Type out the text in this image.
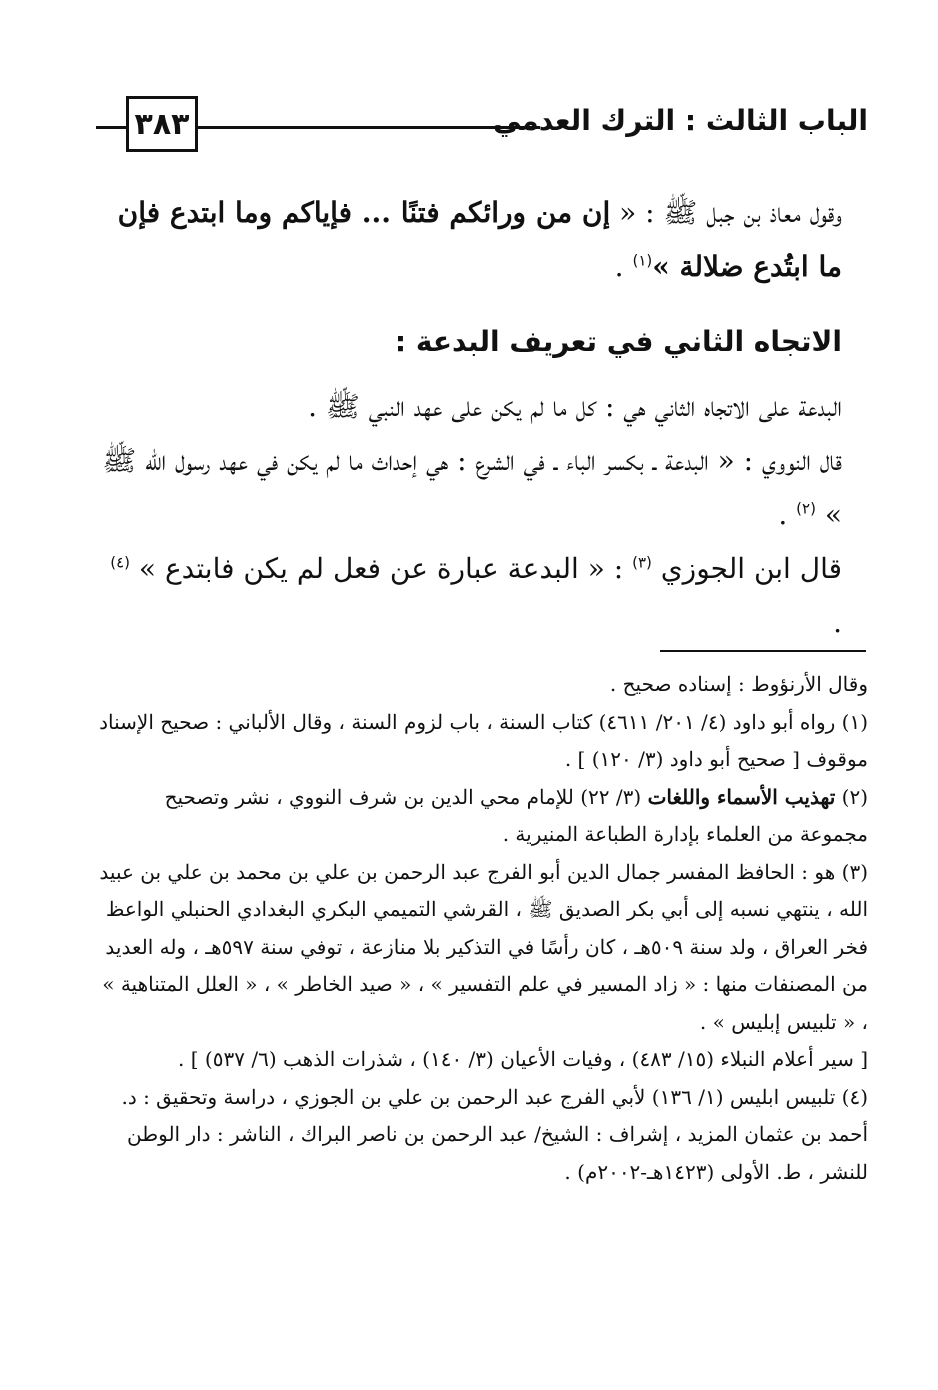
٣٨٣	الباب الثالث : الترك العدمي

وقول معاذ بن جبل ﷺ : « إن من ورائكم فتنًا ... فإياكم وما ابتدع فإن ما ابتُدع ضلالة »$^{(١)}$ .

الاتجاه الثاني في تعريف البدعة :

البدعة على الاتجاه الثاني هي : كل ما لم يكن على عهد النبي ﷺ .

قال النووي : « البدعة ـ بكسر الباء ـ في الشرع : هي إحداث ما لم يكن في عهد رسول الله ﷺ » $^{(٢)}$ .

قال ابن الجوزي $^{(٣)}$ : « البدعة عبارة عن فعل لم يكن فابتدع » $^{(٤)}$ .

وقال الأرنؤوط : إسناده صحيح .

(١) رواه أبو داود (٤/ ٢٠١/ ٤٦١١) كتاب السنة ، باب لزوم السنة ، وقال الألباني : صحيح الإسناد موقوف [ صحيح أبو داود (٣/ ١٢٠) ] .

(٢) تهذيب الأسماء واللغات (٣/ ٢٢) للإمام محي الدين بن شرف النووي ، نشر وتصحيح مجموعة من العلماء بإدارة الطباعة المنيرية .

(٣) هو : الحافظ المفسر جمال الدين أبو الفرج عبد الرحمن بن علي بن محمد بن علي بن عبيد الله ، ينتهي نسبه إلى أبي بكر الصديق ﷺ ، القرشي التميمي البكري البغدادي الحنبلي الواعظ فخر العراق ، ولد سنة ٥٠٩هـ ، كان رأسًا في التذكير بلا منازعة ، توفي سنة ٥٩٧هـ ، وله العديد من المصنفات منها : « زاد المسير في علم التفسير » ، « صيد الخاطر » ، « العلل المتناهية » ، « تلبيس إبليس » .

[ سير أعلام النبلاء (١٥/ ٤٨٣) ، وفيات الأعيان (٣/ ١٤٠) ، شذرات الذهب (٦/ ٥٣٧) ] .

(٤) تلبيس ابليس (١/ ١٣٦) لأبي الفرج عبد الرحمن بن علي بن الجوزي ، دراسة وتحقيق : د. أحمد بن عثمان المزيد ، إشراف : الشيخ/ عبد الرحمن بن ناصر البراك ، الناشر : دار الوطن للنشر ، ط. الأولى (١٤٢٣هـ-٢٠٠٢م) .
